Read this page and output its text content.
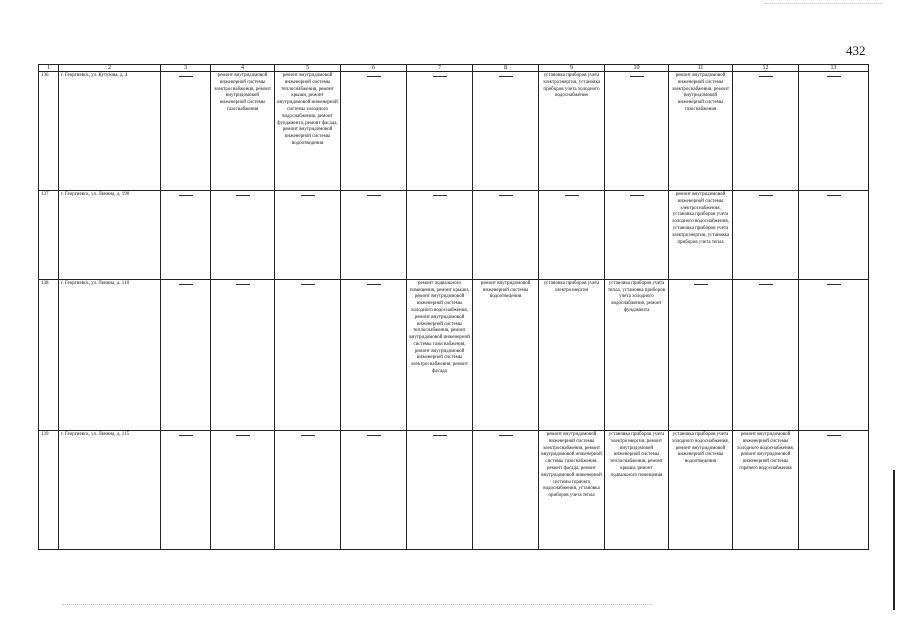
432
1	2	3	4	5	6	7	8	9	10	11	12	13
136	г. Георгиевск, ул. Кутузова, д. 4		ремонт внутридомовой инженерной системы электроснабжения, ремонт внутридомовой инженерной системы газоснабжения	ремонт внутридомовой инженерной системы теплоснабжения, ремонт крыши, ремонт внутридомовой инженерной системы холодного водоснабжения, ремонт фундамента, ремонт фасада, ремонт внутридомовой инженерной системы водоотведения				установка приборов учета электроэнергии, установка приборов учета холодного водоснабжения		ремонт внутридомовой инженерной системы электроснабжения, ремонт внутридомовой инженерной системы газоснабжения	

137	г. Георгиевск, ул. Ленина, д. 190									ремонт внутридомовой инженерной системы электроснабжения, установка приборов учета холодного водоснабжения, установка приборов учета электроэнергии, установка приборов учета тепла	

138	г. Георгиевск, ул. Ленина, д. 110					ремонт подвального помещения, ремонт крыши, ремонт внутридомовой инженерной системы холодного водоснабжения, ремонт внутридомовой инженерной системы теплоснабжения, ремонт внутридомовой инженерной системы газоснабжения, ремонт внутридомовой инженерной системы электроснабжения, ремонт фасада	ремонт внутридомовой инженерной системы водоотведения	установка приборов учета электроэнергии	установка приборов учета тепла, установка приборов учета холодного водоснабжения, ремонт фундамента	

139	г. Георгиевск, ул. Ленина, д. 115							ремонт внутридомовой инженерной системы электроснабжения, ремонт внутридомовой инженерной системы газоснабжения, ремонт фасада, ремонт внутридомовой инженерной системы горячего водоснабжения, установка приборов учета тепла	установка приборов учета электроэнергии, ремонт внутридомовой инженерной системы теплоснабжения, ремонт крыши, ремонт подвального помещения	установка приборов учета холодного водоснабжения, ремонт внутридомовой инженерной системы водоотведения	ремонт внутридомовой инженерной системы холодного водоснабжения, ремонт внутридомовой инженерной системы горячего водоснабжения	
